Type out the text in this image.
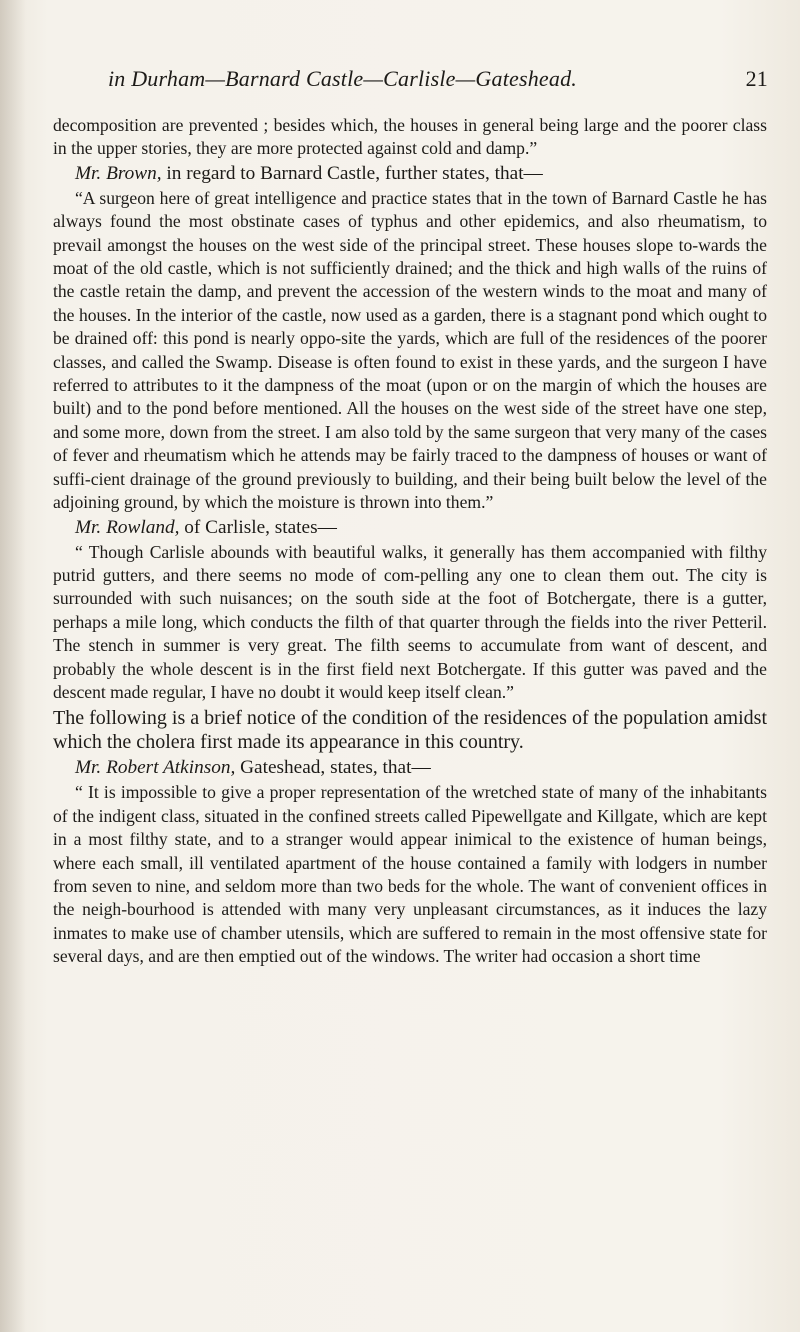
in Durham—Barnard Castle—Carlisle—Gateshead.	21

decomposition are prevented ; besides which, the houses in general being large and the poorer class in the upper stories, they are more protected against cold and damp.”

Mr. Brown, in regard to Barnard Castle, further states, that—

“A surgeon here of great intelligence and practice states that in the town of Barnard Castle he has always found the most obstinate cases of typhus and other epidemics, and also rheumatism, to prevail amongst the houses on the west side of the principal street. These houses slope to-wards the moat of the old castle, which is not sufficiently drained; and the thick and high walls of the ruins of the castle retain the damp, and prevent the accession of the western winds to the moat and many of the houses. In the interior of the castle, now used as a garden, there is a stagnant pond which ought to be drained off: this pond is nearly oppo-site the yards, which are full of the residences of the poorer classes, and called the Swamp. Disease is often found to exist in these yards, and the surgeon I have referred to attributes to it the dampness of the moat (upon or on the margin of which the houses are built) and to the pond before mentioned. All the houses on the west side of the street have one step, and some more, down from the street. I am also told by the same surgeon that very many of the cases of fever and rheumatism which he attends may be fairly traced to the dampness of houses or want of suffi-cient drainage of the ground previously to building, and their being built below the level of the adjoining ground, by which the moisture is thrown into them.”

Mr. Rowland, of Carlisle, states—

“ Though Carlisle abounds with beautiful walks, it generally has them accompanied with filthy putrid gutters, and there seems no mode of com-pelling any one to clean them out. The city is surrounded with such nuisances; on the south side at the foot of Botchergate, there is a gutter, perhaps a mile long, which conducts the filth of that quarter through the fields into the river Petteril. The stench in summer is very great. The filth seems to accumulate from want of descent, and probably the whole descent is in the first field next Botchergate. If this gutter was paved and the descent made regular, I have no doubt it would keep itself clean.”

The following is a brief notice of the condition of the residences of the population amidst which the cholera first made its appearance in this country.

Mr. Robert Atkinson, Gateshead, states, that—

“ It is impossible to give a proper representation of the wretched state of many of the inhabitants of the indigent class, situated in the confined streets called Pipewellgate and Killgate, which are kept in a most filthy state, and to a stranger would appear inimical to the existence of human beings, where each small, ill ventilated apartment of the house contained a family with lodgers in number from seven to nine, and seldom more than two beds for the whole. The want of convenient offices in the neigh-bourhood is attended with many very unpleasant circumstances, as it induces the lazy inmates to make use of chamber utensils, which are suffered to remain in the most offensive state for several days, and are then emptied out of the windows. The writer had occasion a short time
